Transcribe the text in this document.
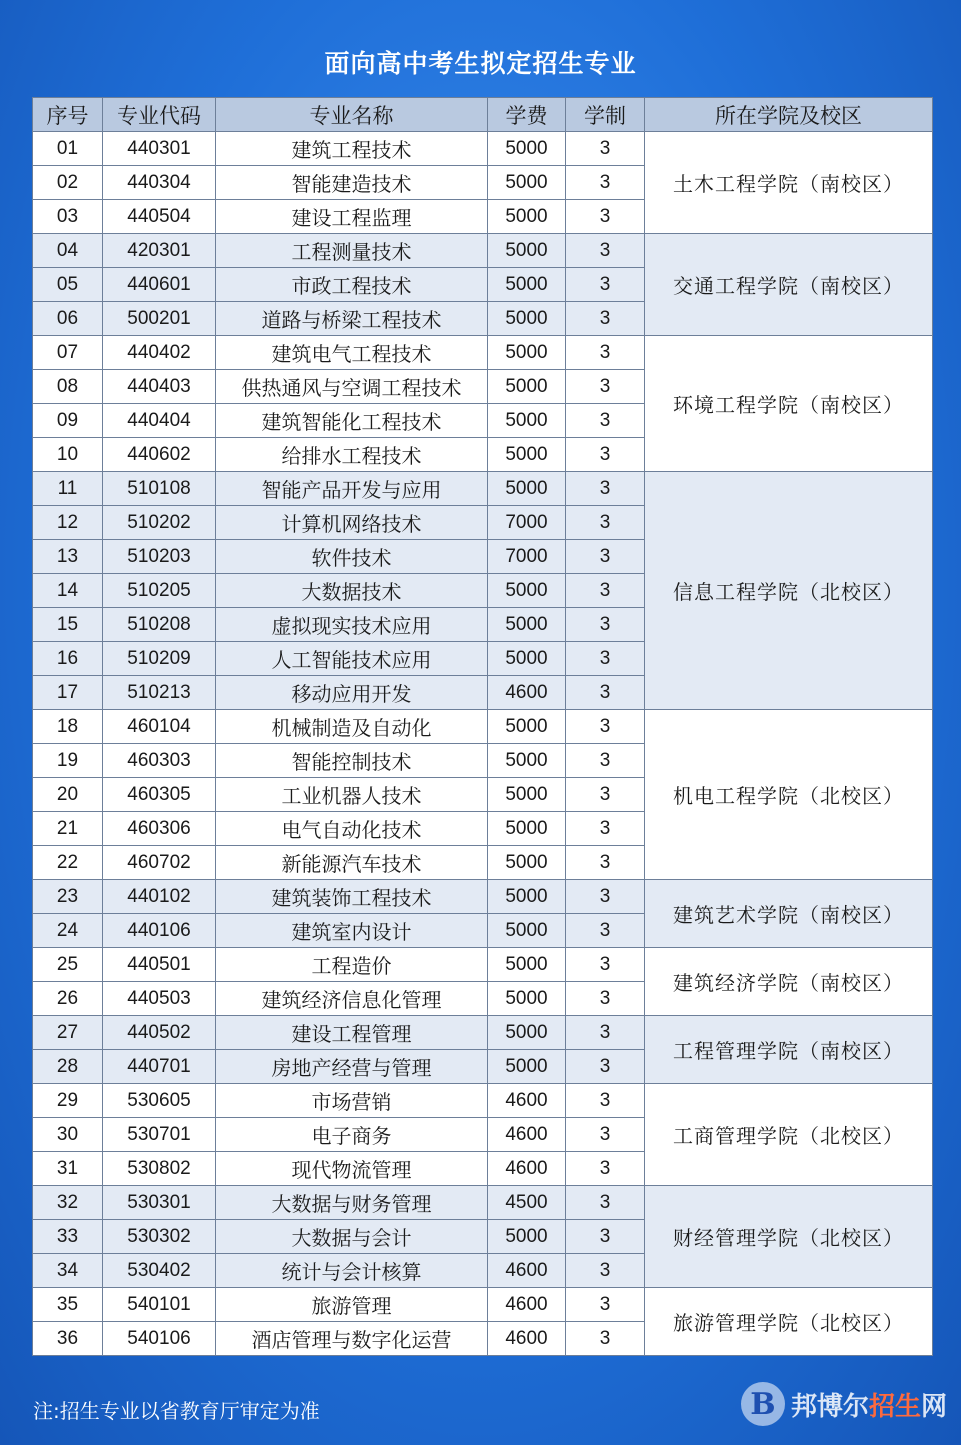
面向高中考生拟定招生专业
序号	专业代码	专业名称	学费	学制	所在学院及校区
01	440301	建筑工程技术	5000	3	土木工程学院（南校区）
02	440304	智能建造技术	5000	3	
03	440504	建设工程监理	5000	3	
04	420301	工程测量技术	5000	3	交通工程学院（南校区）
05	440601	市政工程技术	5000	3	
06	500201	道路与桥梁工程技术	5000	3	
07	440402	建筑电气工程技术	5000	3	环境工程学院（南校区）
08	440403	供热通风与空调工程技术	5000	3	
09	440404	建筑智能化工程技术	5000	3	
10	440602	给排水工程技术	5000	3	
11	510108	智能产品开发与应用	5000	3	信息工程学院（北校区）
12	510202	计算机网络技术	7000	3	
13	510203	软件技术	7000	3	
14	510205	大数据技术	5000	3	
15	510208	虚拟现实技术应用	5000	3	
16	510209	人工智能技术应用	5000	3	
17	510213	移动应用开发	4600	3	
18	460104	机械制造及自动化	5000	3	机电工程学院（北校区）
19	460303	智能控制技术	5000	3	
20	460305	工业机器人技术	5000	3	
21	460306	电气自动化技术	5000	3	
22	460702	新能源汽车技术	5000	3	
23	440102	建筑装饰工程技术	5000	3	建筑艺术学院（南校区）
24	440106	建筑室内设计	5000	3	
25	440501	工程造价	5000	3	建筑经济学院（南校区）
26	440503	建筑经济信息化管理	5000	3	
27	440502	建设工程管理	5000	3	工程管理学院（南校区）
28	440701	房地产经营与管理	5000	3	
29	530605	市场营销	4600	3	工商管理学院（北校区）
30	530701	电子商务	4600	3	
31	530802	现代物流管理	4600	3	
32	530301	大数据与财务管理	4500	3	财经管理学院（北校区）
33	530302	大数据与会计	5000	3	
34	530402	统计与会计核算	4600	3	
35	540101	旅游管理	4600	3	旅游管理学院（北校区）
36	540106	酒店管理与数字化运营	4600	3	
注:招生专业以省教育厅审定为准	B 邦博尔招生网
